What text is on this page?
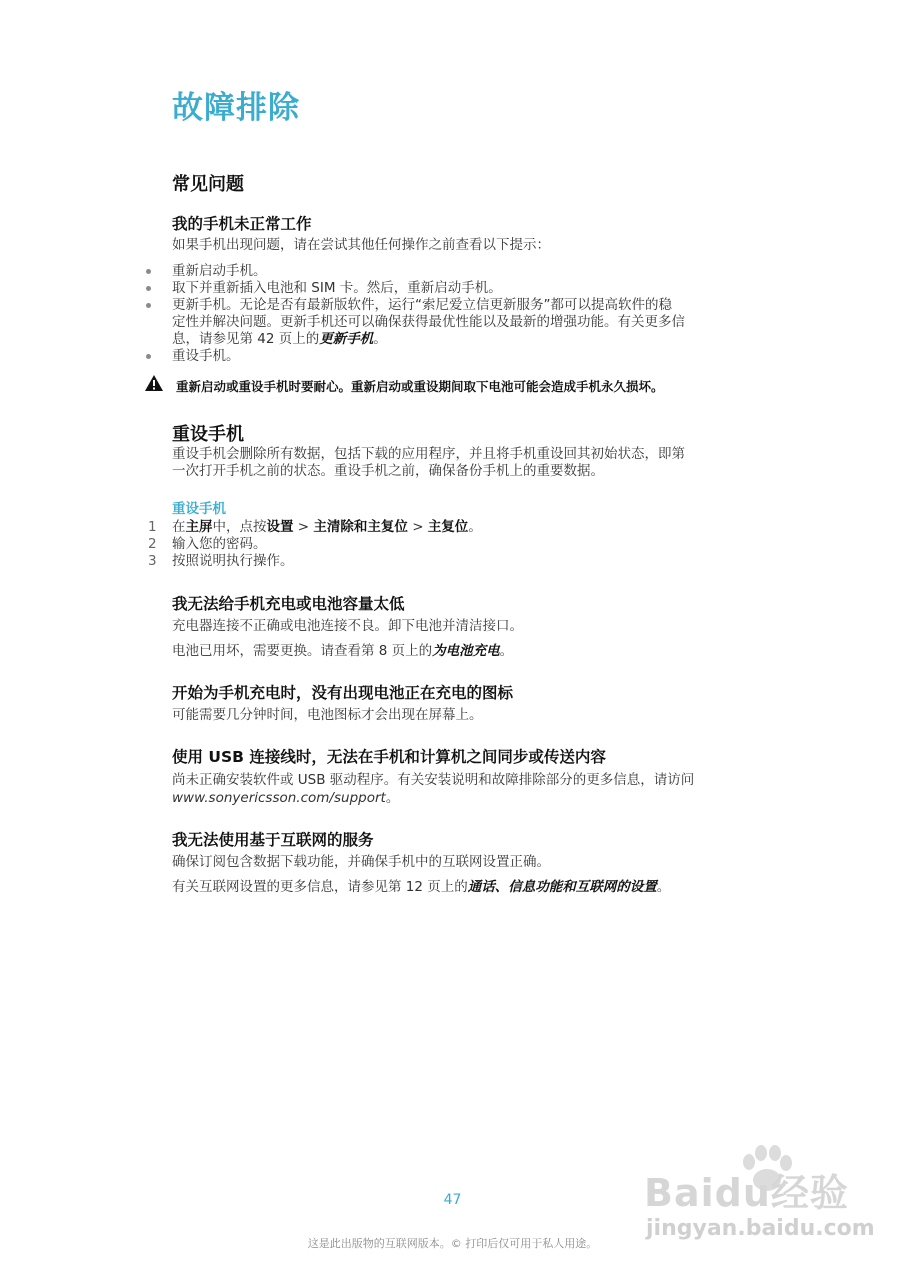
故障排除
常见问题
我的手机未正常工作
如果手机出现问题，请在尝试其他任何操作之前查看以下提示：
重新启动手机。
取下并重新插入电池和 SIM 卡。然后，重新启动手机。
更新手机。无论是否有最新版软件，运行“索尼爱立信更新服务”都可以提高软件的稳
定性并解决问题。更新手机还可以确保获得最优性能以及最新的增强功能。有关更多信
息，请参见第 42 页上的更新手机。
重设手机。
重新启动或重设手机时要耐心。重新启动或重设期间取下电池可能会造成手机永久损坏。
重设手机
重设手机会删除所有数据，包括下载的应用程序，并且将手机重设回其初始状态，即第
一次打开手机之前的状态。重设手机之前，确保备份手机上的重要数据。
重设手机
1 在主屏中，点按设置 > 主清除和主复位 > 主复位。
2 输入您的密码。
3 按照说明执行操作。
我无法给手机充电或电池容量太低
充电器连接不正确或电池连接不良。卸下电池并清洁接口。
电池已用坏，需要更换。请查看第 8 页上的为电池充电。
开始为手机充电时，没有出现电池正在充电的图标
可能需要几分钟时间，电池图标才会出现在屏幕上。
使用 USB 连接线时，无法在手机和计算机之间同步或传送内容
尚未正确安装软件或 USB 驱动程序。有关安装说明和故障排除部分的更多信息，请访问
www.sonyericsson.com/support。
我无法使用基于互联网的服务
确保订阅包含数据下载功能，并确保手机中的互联网设置正确。
有关互联网设置的更多信息，请参见第 12 页上的通话、信息功能和互联网的设置。
47
这是此出版物的互联网版本。© 打印后仅可用于私人用途。
Baidu经验
jingyan.baidu.com
